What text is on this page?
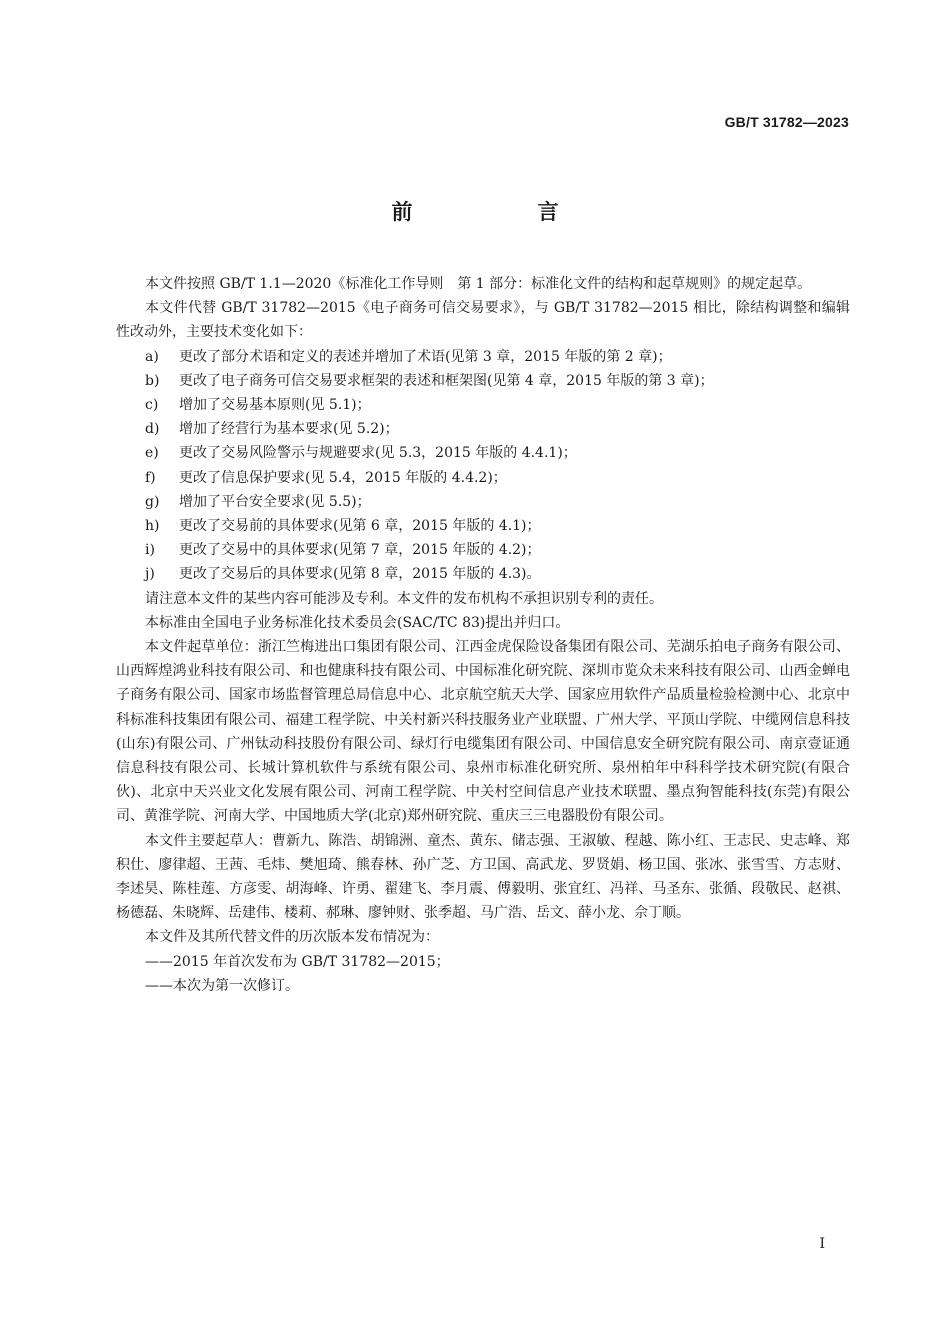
GB/T 31782—2023
前　言

本文件按照 GB/T 1.1—2020《标准化工作导则　第 1 部分：标准化文件的结构和起草规则》的规定起草。

本文件代替 GB/T 31782—2015《电子商务可信交易要求》，与 GB/T 31782—2015 相比，除结构调整和编辑性改动外，主要技术变化如下：

a) 更改了部分术语和定义的表述并增加了术语(见第 3 章，2015 年版的第 2 章)；

b) 更改了电子商务可信交易要求框架的表述和框架图(见第 4 章，2015 年版的第 3 章)；

c) 增加了交易基本原则(见 5.1)；

d) 增加了经营行为基本要求(见 5.2)；

e) 更改了交易风险警示与规避要求(见 5.3，2015 年版的 4.4.1)；

f) 更改了信息保护要求(见 5.4，2015 年版的 4.4.2)；

g) 增加了平台安全要求(见 5.5)；

h) 更改了交易前的具体要求(见第 6 章，2015 年版的 4.1)；

i) 更改了交易中的具体要求(见第 7 章，2015 年版的 4.2)；

j) 更改了交易后的具体要求(见第 8 章，2015 年版的 4.3)。

请注意本文件的某些内容可能涉及专利。本文件的发布机构不承担识别专利的责任。

本标准由全国电子业务标准化技术委员会(SAC/TC 83)提出并归口。

本文件起草单位：浙江竺梅进出口集团有限公司、江西金虎保险设备集团有限公司、芜湖乐拍电子商务有限公司、山西辉煌鸿业科技有限公司、和也健康科技有限公司、中国标准化研究院、深圳市览众未来科技有限公司、山西金蝉电子商务有限公司、国家市场监督管理总局信息中心、北京航空航天大学、国家应用软件产品质量检验检测中心、北京中科标准科技集团有限公司、福建工程学院、中关村新兴科技服务业产业联盟、广州大学、平顶山学院、中缆网信息科技(山东)有限公司、广州钛动科技股份有限公司、绿灯行电缆集团有限公司、中国信息安全研究院有限公司、南京壹证通信息科技有限公司、长城计算机软件与系统有限公司、泉州市标准化研究所、泉州柏年中科科学技术研究院(有限合伙)、北京中天兴业文化发展有限公司、河南工程学院、中关村空间信息产业技术联盟、墨点狗智能科技(东莞)有限公司、黄淮学院、河南大学、中国地质大学(北京)郑州研究院、重庆三三电器股份有限公司。

本文件主要起草人：曹新九、陈浩、胡锦洲、童杰、黄东、储志强、王淑敏、程越、陈小红、王志民、史志峰、郑积仕、廖律超、王茜、毛炜、樊旭琦、熊春林、孙广芝、方卫国、高武龙、罗贤娟、杨卫国、张冰、张雪雪、方志财、李述昊、陈桂莲、方彦雯、胡海峰、许勇、翟建飞、李月震、傅毅明、张宜红、冯祥、马圣东、张循、段敬民、赵祺、杨德磊、朱晓辉、岳建伟、楼莉、郝琳、廖钟财、张季超、马广浩、岳文、薛小龙、佘丁顺。

本文件及其所代替文件的历次版本发布情况为：

——2015 年首次发布为 GB/T 31782—2015；

——本次为第一次修订。

I
